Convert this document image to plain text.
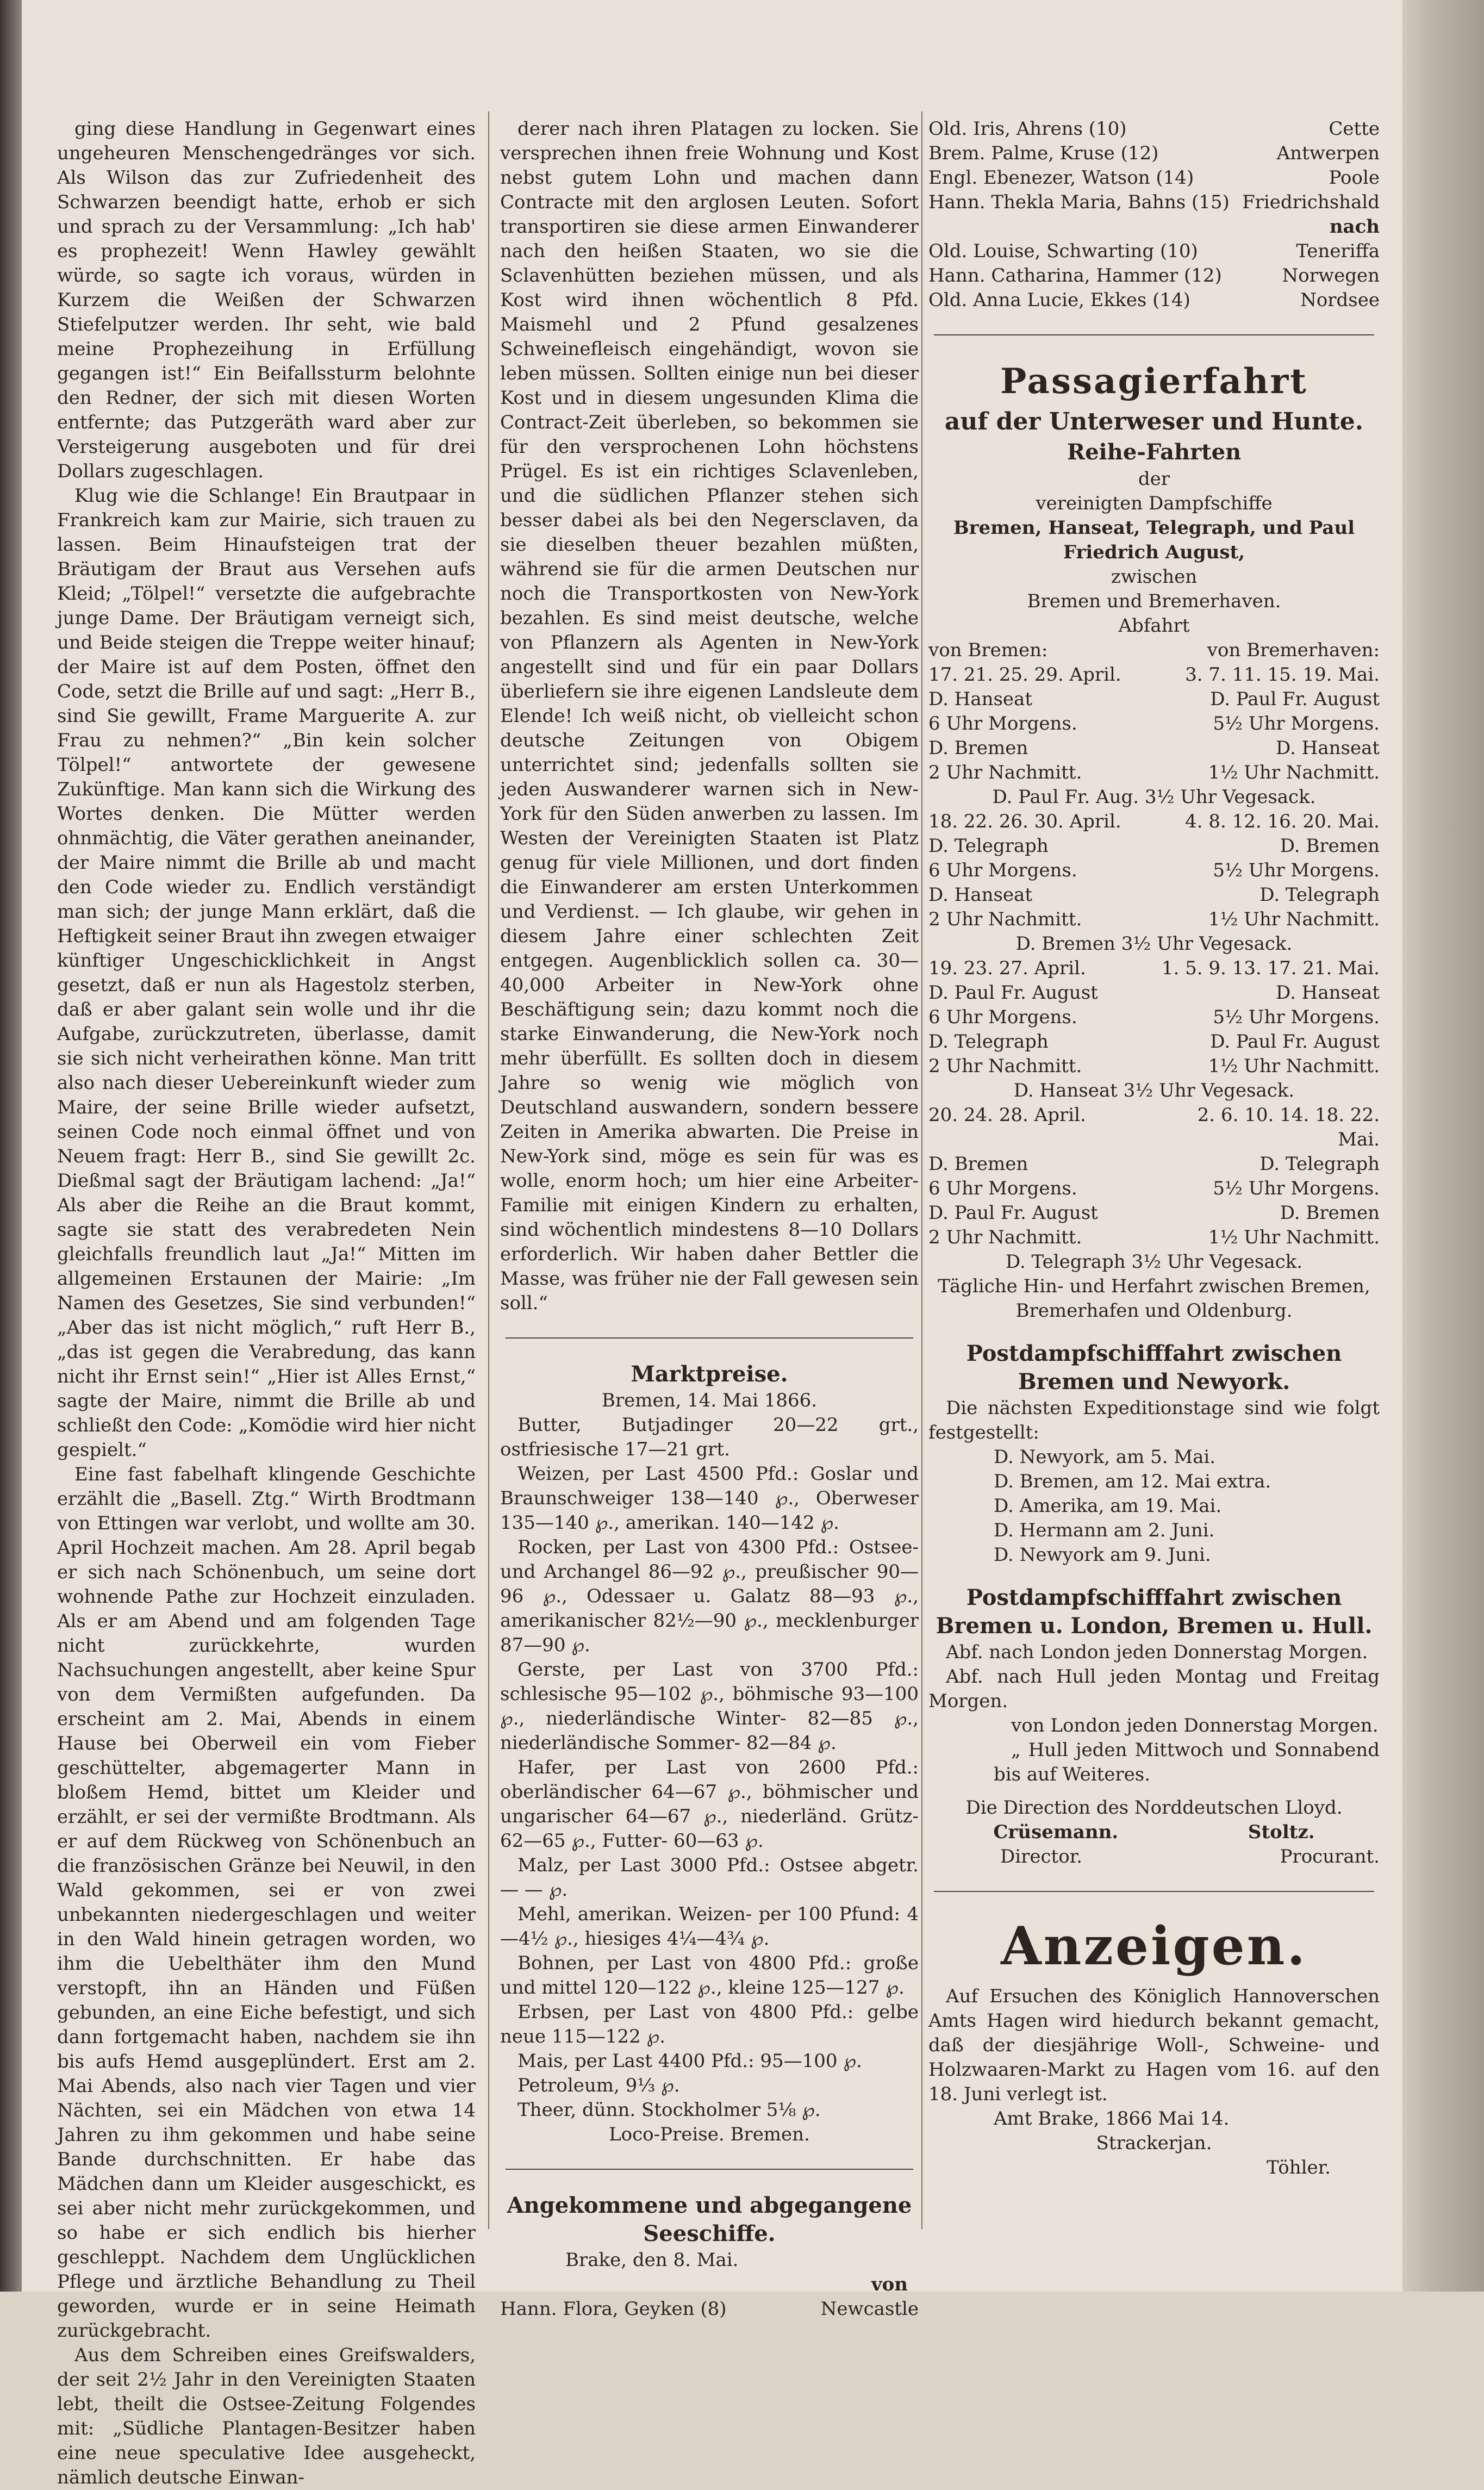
ging diese Handlung in Gegenwart eines ungeheuren Menschengedränges vor sich. Als Wilson das zur Zufriedenheit des Schwarzen beendigt hatte, erhob er sich und sprach zu der Versammlung: „Ich hab' es prophezeit! Wenn Hawley gewählt würde, so sagte ich voraus, würden in Kurzem die Weißen der Schwarzen Stiefelputzer werden. Ihr seht, wie bald meine Prophezeihung in Erfüllung gegangen ist!“ Ein Beifallssturm belohnte den Redner, der sich mit diesen Worten entfernte; das Putzgeräth ward aber zur Versteigerung ausgeboten und für drei Dollars zugeschlagen.

Klug wie die Schlange! Ein Brautpaar in Frankreich kam zur Mairie, sich trauen zu lassen. Beim Hinaufsteigen trat der Bräutigam der Braut aus Versehen aufs Kleid; „Tölpel!“ versetzte die aufgebrachte junge Dame. Der Bräutigam verneigt sich, und Beide steigen die Treppe weiter hinauf; der Maire ist auf dem Posten, öffnet den Code, setzt die Brille auf und sagt: „Herr B., sind Sie gewillt, Frame Marguerite A. zur Frau zu nehmen?“ „Bin kein solcher Tölpel!“ antwortete der gewesene Zukünftige. Man kann sich die Wirkung des Wortes denken. Die Mütter werden ohnmächtig, die Väter gerathen aneinander, der Maire nimmt die Brille ab und macht den Code wieder zu. Endlich verständigt man sich; der junge Mann erklärt, daß die Heftigkeit seiner Braut ihn zwegen etwaiger künftiger Ungeschicklichkeit in Angst gesetzt, daß er nun als Hagestolz sterben, daß er aber galant sein wolle und ihr die Aufgabe, zurückzutreten, überlasse, damit sie sich nicht verheirathen könne. Man tritt also nach dieser Uebereinkunft wieder zum Maire, der seine Brille wieder aufsetzt, seinen Code noch einmal öffnet und von Neuem fragt: Herr B., sind Sie gewillt 2c. Dießmal sagt der Bräutigam lachend: „Ja!“ Als aber die Reihe an die Braut kommt, sagte sie statt des verabredeten Nein gleichfalls freundlich laut „Ja!“ Mitten im allgemeinen Erstaunen der Mairie: „Im Namen des Gesetzes, Sie sind verbunden!“ „Aber das ist nicht möglich,“ ruft Herr B., „das ist gegen die Verabredung, das kann nicht ihr Ernst sein!“ „Hier ist Alles Ernst,“ sagte der Maire, nimmt die Brille ab und schließt den Code: „Komödie wird hier nicht gespielt.“

Eine fast fabelhaft klingende Geschichte erzählt die „Basell. Ztg.“ Wirth Brodtmann von Ettingen war verlobt, und wollte am 30. April Hochzeit machen. Am 28. April begab er sich nach Schönenbuch, um seine dort wohnende Pathe zur Hochzeit einzuladen. Als er am Abend und am folgenden Tage nicht zurückkehrte, wurden Nachsuchungen angestellt, aber keine Spur von dem Vermißten aufgefunden. Da erscheint am 2. Mai, Abends in einem Hause bei Oberweil ein vom Fieber geschüttelter, abgemagerter Mann in bloßem Hemd, bittet um Kleider und erzählt, er sei der vermißte Brodtmann. Als er auf dem Rückweg von Schönenbuch an die französischen Gränze bei Neuwil, in den Wald gekommen, sei er von zwei unbekannten niedergeschlagen und weiter in den Wald hinein getragen worden, wo ihm die Uebelthäter ihm den Mund verstopft, ihn an Händen und Füßen gebunden, an eine Eiche befestigt, und sich dann fortgemacht haben, nachdem sie ihn bis aufs Hemd ausgeplündert. Erst am 2. Mai Abends, also nach vier Tagen und vier Nächten, sei ein Mädchen von etwa 14 Jahren zu ihm gekommen und habe seine Bande durchschnitten. Er habe das Mädchen dann um Kleider ausgeschickt, es sei aber nicht mehr zurückgekommen, und so habe er sich endlich bis hierher geschleppt. Nachdem dem Unglücklichen Pflege und ärztliche Behandlung zu Theil geworden, wurde er in seine Heimath zurückgebracht.

Aus dem Schreiben eines Greifswalders, der seit 2½ Jahr in den Vereinigten Staaten lebt, theilt die Ostsee-Zeitung Folgendes mit: „Südliche Plantagen-Besitzer haben eine neue speculative Idee ausgeheckt, nämlich deutsche Einwan-

derer nach ihren Platagen zu locken. Sie versprechen ihnen freie Wohnung und Kost nebst gutem Lohn und machen dann Contracte mit den arglosen Leuten. Sofort transportiren sie diese armen Einwanderer nach den heißen Staaten, wo sie die Sclavenhütten beziehen müssen, und als Kost wird ihnen wöchentlich 8 Pfd. Maismehl und 2 Pfund gesalzenes Schweinefleisch eingehändigt, wovon sie leben müssen. Sollten einige nun bei dieser Kost und in diesem ungesunden Klima die Contract-Zeit überleben, so bekommen sie für den versprochenen Lohn höchstens Prügel. Es ist ein richtiges Sclavenleben, und die südlichen Pflanzer stehen sich besser dabei als bei den Negersclaven, da sie dieselben theuer bezahlen müßten, während sie für die armen Deutschen nur noch die Transportkosten von New-York bezahlen. Es sind meist deutsche, welche von Pflanzern als Agenten in New-York angestellt sind und für ein paar Dollars überliefern sie ihre eigenen Landsleute dem Elende! Ich weiß nicht, ob vielleicht schon deutsche Zeitungen von Obigem unterrichtet sind; jedenfalls sollten sie jeden Auswanderer warnen sich in New-York für den Süden anwerben zu lassen. Im Westen der Vereinigten Staaten ist Platz genug für viele Millionen, und dort finden die Einwanderer am ersten Unterkommen und Verdienst. — Ich glaube, wir gehen in diesem Jahre einer schlechten Zeit entgegen. Augenblicklich sollen ca. 30—40,000 Arbeiter in New-York ohne Beschäftigung sein; dazu kommt noch die starke Einwanderung, die New-York noch mehr überfüllt. Es sollten doch in diesem Jahre so wenig wie möglich von Deutschland auswandern, sondern bessere Zeiten in Amerika abwarten. Die Preise in New-York sind, möge es sein für was es wolle, enorm hoch; um hier eine Arbeiter-Familie mit einigen Kindern zu erhalten, sind wöchentlich mindestens 8—10 Dollars erforderlich. Wir haben daher Bettler die Masse, was früher nie der Fall gewesen sein soll.“

Marktpreise.
Bremen, 14. Mai 1866.

Butter, Butjadinger 20—22 grt., ostfriesische 17—21 grt.

Weizen, per Last 4500 Pfd.: Goslar und Braunschweiger 138—140 ℘., Oberweser 135—140 ℘., amerikan. 140—142 ℘.

Rocken, per Last von 4300 Pfd.: Ostsee- und Archangel 86—92 ℘., preußischer 90—96 ℘., Odessaer u. Galatz 88—93 ℘., amerikanischer 82½—90 ℘., mecklenburger 87—90 ℘.

Gerste, per Last von 3700 Pfd.: schlesische 95—102 ℘., böhmische 93—100 ℘., niederländische Winter- 82—85 ℘., niederländische Sommer- 82—84 ℘.

Hafer, per Last von 2600 Pfd.: oberländischer 64—67 ℘., böhmischer und ungarischer 64—67 ℘., niederländ. Grütz- 62—65 ℘., Futter- 60—63 ℘.

Malz, per Last 3000 Pfd.: Ostsee abgetr. — — ℘.

Mehl, amerikan. Weizen- per 100 Pfund: 4—4½ ℘., hiesiges 4¼—4¾ ℘.

Bohnen, per Last von 4800 Pfd.: große und mittel 120—122 ℘., kleine 125—127 ℘.

Erbsen, per Last von 4800 Pfd.: gelbe neue 115—122 ℘.

Mais, per Last 4400 Pfd.: 95—100 ℘.

Petroleum, 9⅓ ℘.

Theer, dünn. Stockholmer 5⅛ ℘.

Loco-Preise. Bremen.
Angekommene und abgegangene Seeschiffe.
Brake, den 8. Mai.
von
Hann. Flora, Geyken (8)	Newcastle
Old. Iris, Ahrens (10)	Cette
Brem. Palme, Kruse (12)	Antwerpen
Engl. Ebenezer, Watson (14)	Poole
Hann. Thekla Maria, Bahns (15) Friedrichshald
nach
Old. Louise, Schwarting (10)	Teneriffa
Hann. Catharina, Hammer (12)	Norwegen
Old. Anna Lucie, Ekkes (14)	Nordsee
Passagierfahrt
auf der Unterweser und Hunte.
Reihe-Fahrten
der
vereinigten Dampfschiffe
Bremen, Hanseat, Telegraph, und Paul Friedrich August,
zwischen
Bremen und Bremerhaven.
Abfahrt
von Bremen:	von Bremerhaven:
17. 21. 25. 29. April.	3. 7. 11. 15. 19. Mai.
D. Hanseat	D. Paul Fr. August
6 Uhr Morgens.	5½ Uhr Morgens.
D. Bremen	D. Hanseat
2 Uhr Nachmitt.	1½ Uhr Nachmitt.
D. Paul Fr. Aug. 3½ Uhr Vegesack.
18. 22. 26. 30. April.	4. 8. 12. 16. 20. Mai.
D. Telegraph	D. Bremen
6 Uhr Morgens.	5½ Uhr Morgens.
D. Hanseat	D. Telegraph
2 Uhr Nachmitt.	1½ Uhr Nachmitt.
D. Bremen 3½ Uhr Vegesack.
19. 23. 27. April.	1. 5. 9. 13. 17. 21. Mai.
D. Paul Fr. August	D. Hanseat
6 Uhr Morgens.	5½ Uhr Morgens.
D. Telegraph	D. Paul Fr. August
2 Uhr Nachmitt.	1½ Uhr Nachmitt.
D. Hanseat 3½ Uhr Vegesack.
20. 24. 28. April.	2. 6. 10. 14. 18. 22. Mai.
D. Bremen	D. Telegraph
6 Uhr Morgens.	5½ Uhr Morgens.
D. Paul Fr. August	D. Bremen
2 Uhr Nachmitt.	1½ Uhr Nachmitt.
D. Telegraph 3½ Uhr Vegesack.
Tägliche Hin- und Herfahrt zwischen Bremen, Bremerhafen und Oldenburg.
Postdampfschifffahrt zwischen Bremen und Newyork.

Die nächsten Expeditionstage sind wie folgt festgestellt:

D. Newyork, am 5. Mai.
D. Bremen, am 12. Mai extra.
D. Amerika, am 19. Mai.
D. Hermann am 2. Juni.
D. Newyork am 9. Juni.
Postdampfschifffahrt zwischen Bremen u. London, Bremen u. Hull.

Abf. nach London jeden Donnerstag Morgen.

Abf. nach Hull jeden Montag und Freitag Morgen.

von London jeden Donnerstag Morgen.

„ Hull jeden Mittwoch und Sonnabend bis auf Weiteres.

Die Direction des Norddeutschen Lloyd.
Crüsemann.	Stoltz.
Director.	Procurant.
Anzeigen.

Auf Ersuchen des Königlich Hannoverschen Amts Hagen wird hiedurch bekannt gemacht, daß der diesjährige Woll-, Schweine- und Holzwaaren-Markt zu Hagen vom 16. auf den 18. Juni verlegt ist.

Amt Brake, 1866 Mai 14.
Strackerjan.
Töhler.
